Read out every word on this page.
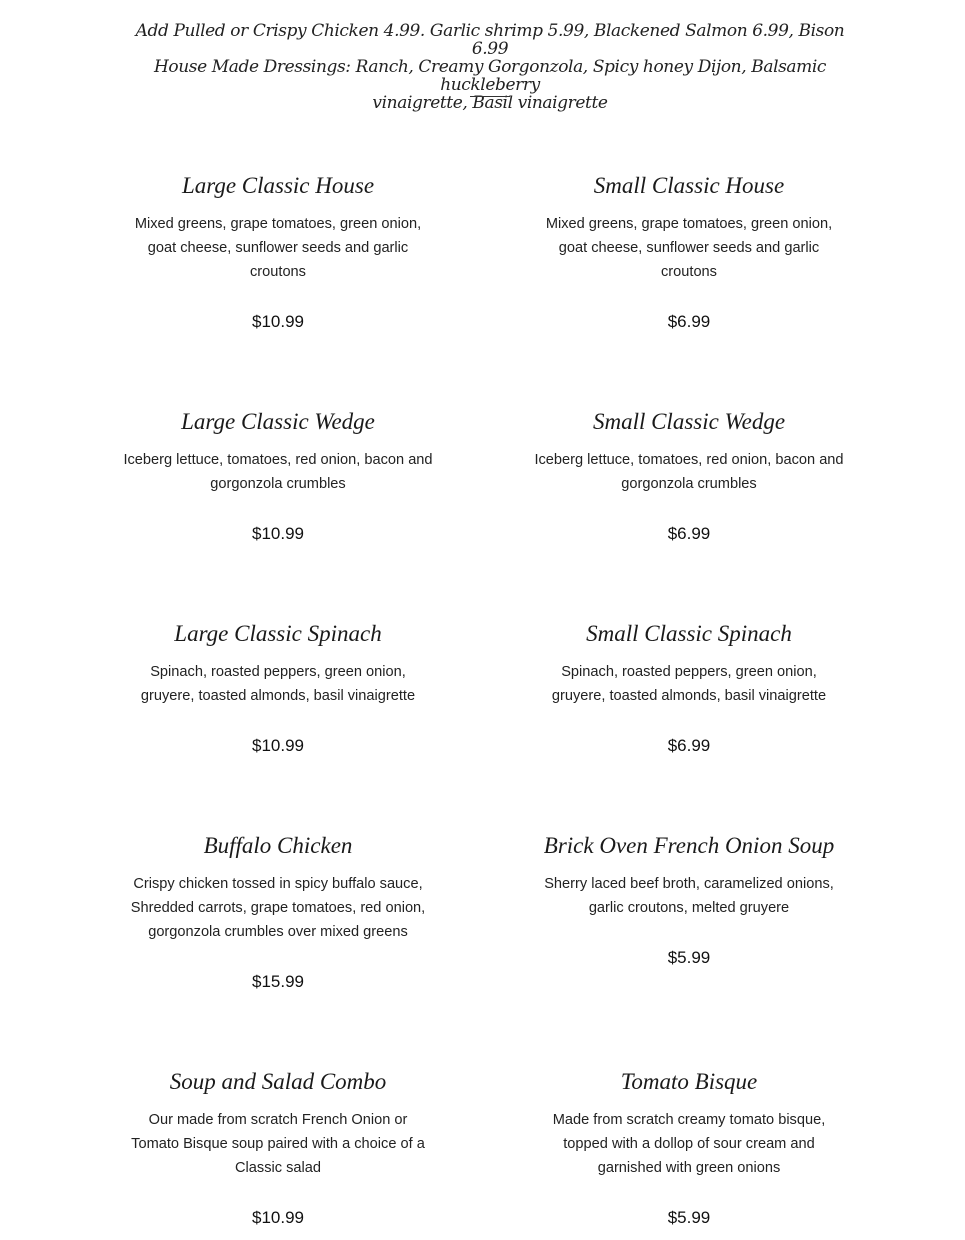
Add Pulled or Crispy Chicken 4.99. Garlic shrimp 5.99, Blackened Salmon 6.99, Bison 6.99
House Made Dressings: Ranch, Creamy Gorgonzola, Spicy honey Dijon, Balsamic huckleberry
vinaigrette, Basil vinaigrette
Large Classic House
Mixed greens, grape tomatoes, green onion, goat cheese, sunflower seeds and garlic croutons
$10.99
Small Classic House
Mixed greens, grape tomatoes, green onion, goat cheese, sunflower seeds and garlic croutons
$6.99
Large Classic Wedge
Iceberg lettuce, tomatoes, red onion, bacon and gorgonzola crumbles
$10.99
Small Classic Wedge
Iceberg lettuce, tomatoes, red onion, bacon and gorgonzola crumbles
$6.99
Large Classic Spinach
Spinach, roasted peppers, green onion, gruyere, toasted almonds, basil vinaigrette
$10.99
Small Classic Spinach
Spinach, roasted peppers, green onion, gruyere, toasted almonds, basil vinaigrette
$6.99
Buffalo Chicken
Crispy chicken tossed in spicy buffalo sauce, Shredded carrots, grape tomatoes, red onion, gorgonzola crumbles over mixed greens
$15.99
Brick Oven French Onion Soup
Sherry laced beef broth, caramelized onions, garlic croutons, melted gruyere
$5.99
Soup and Salad Combo
Our made from scratch French Onion or Tomato Bisque soup paired with a choice of a Classic salad
$10.99
Tomato Bisque
Made from scratch creamy tomato bisque, topped with a dollop of sour cream and garnished with green onions
$5.99
